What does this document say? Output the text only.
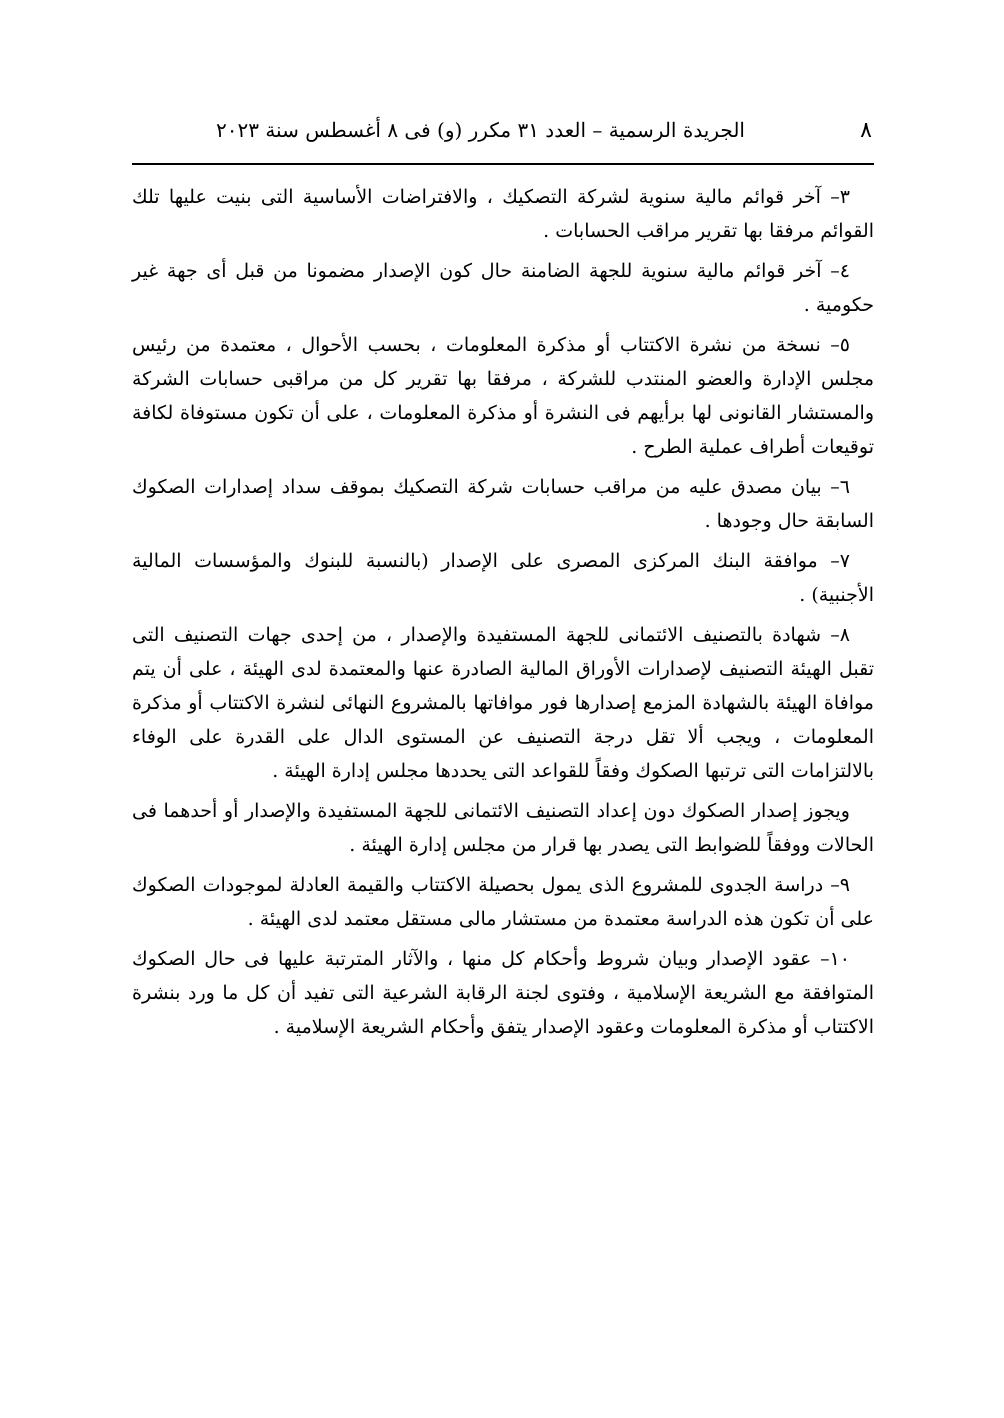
٨
الجريدة الرسمية – العدد ٣١ مكرر (و) فى ٨ أغسطس سنة ٢٠٢٣

٣– آخر قوائم مالية سنوية لشركة التصكيك ، والافتراضات الأساسية التى بنيت عليها تلك القوائم مرفقا بها تقرير مراقب الحسابات .

٤– آخر قوائم مالية سنوية للجهة الضامنة حال كون الإصدار مضمونا من قبل أى جهة غير حكومية .

٥– نسخة من نشرة الاكتتاب أو مذكرة المعلومات ، بحسب الأحوال ، معتمدة من رئيس مجلس الإدارة والعضو المنتدب للشركة ، مرفقا بها تقرير كل من مراقبى حسابات الشركة والمستشار القانونى لها برأيهم فى النشرة أو مذكرة المعلومات ، على أن تكون مستوفاة لكافة توقيعات أطراف عملية الطرح .

٦– بيان مصدق عليه من مراقب حسابات شركة التصكيك بموقف سداد إصدارات الصكوك السابقة حال وجودها .

٧– موافقة البنك المركزى المصرى على الإصدار (بالنسبة للبنوك والمؤسسات المالية الأجنبية) .

٨– شهادة بالتصنيف الائتمانى للجهة المستفيدة والإصدار ، من إحدى جهات التصنيف التى تقبل الهيئة التصنيف لإصدارات الأوراق المالية الصادرة عنها والمعتمدة لدى الهيئة ، على أن يتم موافاة الهيئة بالشهادة المزمع إصدارها فور موافاتها بالمشروع النهائى لنشرة الاكتتاب أو مذكرة المعلومات ، ويجب ألا تقل درجة التصنيف عن المستوى الدال على القدرة على الوفاء بالالتزامات التى ترتبها الصكوك وفقاً للقواعد التى يحددها مجلس إدارة الهيئة .

ويجوز إصدار الصكوك دون إعداد التصنيف الائتمانى للجهة المستفيدة والإصدار أو أحدهما فى الحالات ووفقاً للضوابط التى يصدر بها قرار من مجلس إدارة الهيئة .

٩– دراسة الجدوى للمشروع الذى يمول بحصيلة الاكتتاب والقيمة العادلة لموجودات الصكوك على أن تكون هذه الدراسة معتمدة من مستشار مالى مستقل معتمد لدى الهيئة .

١٠– عقود الإصدار وبيان شروط وأحكام كل منها ، والآثار المترتبة عليها فى حال الصكوك المتوافقة مع الشريعة الإسلامية ، وفتوى لجنة الرقابة الشرعية التى تفيد أن كل ما ورد بنشرة الاكتتاب أو مذكرة المعلومات وعقود الإصدار يتفق وأحكام الشريعة الإسلامية .
